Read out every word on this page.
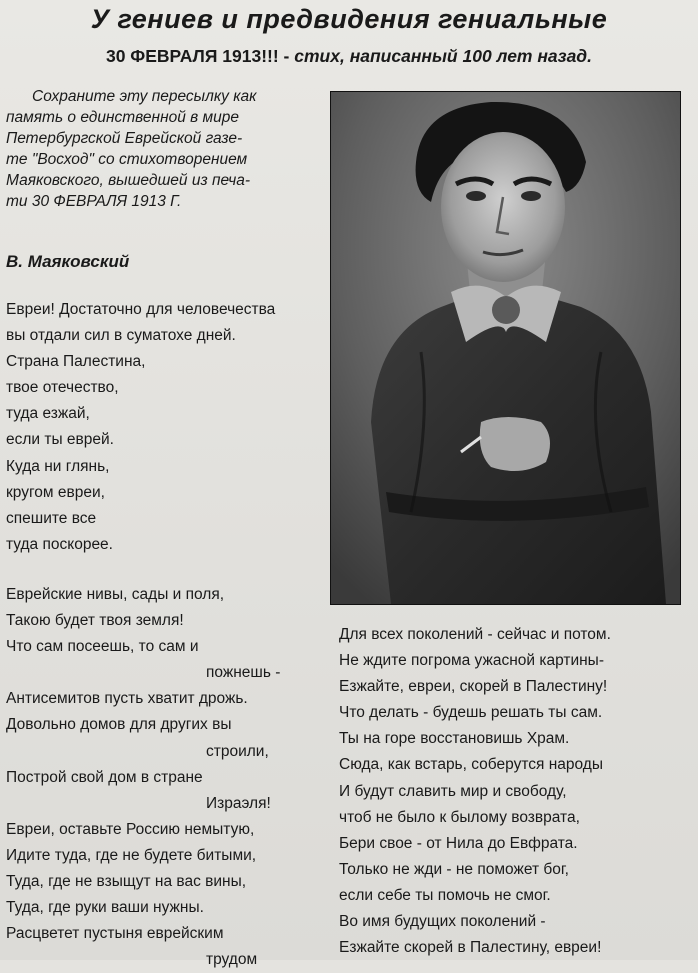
У гениев и предвидения гениальные
30 ФЕВРАЛЯ 1913!!! - стих, написанный 100 лет назад.
Сохраните эту пересылку как
память о единственной в мире
Петербургской Еврейской газе-
те "Восход" со стихотворением
Маяковского, вышедшей из печа-
ти 30 ФЕВРАЛЯ 1913 Г.
В. Маяковский
Евреи! Достаточно для человечества
вы отдали сил в суматохе дней.
Страна Палестина,
твое отечество,
туда езжай,
если ты еврей.
Куда ни глянь,
кругом евреи,
спешите все
туда поскорее.
Еврейские нивы, сады и поля,
Такою будет твоя земля!
Что сам посеешь, то сам и
пожнешь -
Антисемитов пусть хватит дрожь.
Довольно домов для других вы
строили,
Построй свой дом в стране
Израэля!
Евреи, оставьте Россию немытую,
Идите туда, где не будете битыми,
Туда, где не взыщут на вас вины,
Туда, где руки ваши нужны.
Расцветет пустыня еврейским
трудом
Для всех поколений - сейчас и потом.
Не ждите погрома ужасной картины-
Езжайте, евреи, скорей в Палестину!
Что делать - будешь решать ты сам.
Ты на горе восстановишь Храм.
Сюда, как встарь, соберутся народы
И будут славить мир и свободу,
чтоб не было к былому возврата,
Бери свое - от Нила до Евфрата.
Только не жди - не поможет бог,
если себе ты помочь не смог.
Во имя будущих поколений -
Езжайте скорей в Палестину, евреи!
